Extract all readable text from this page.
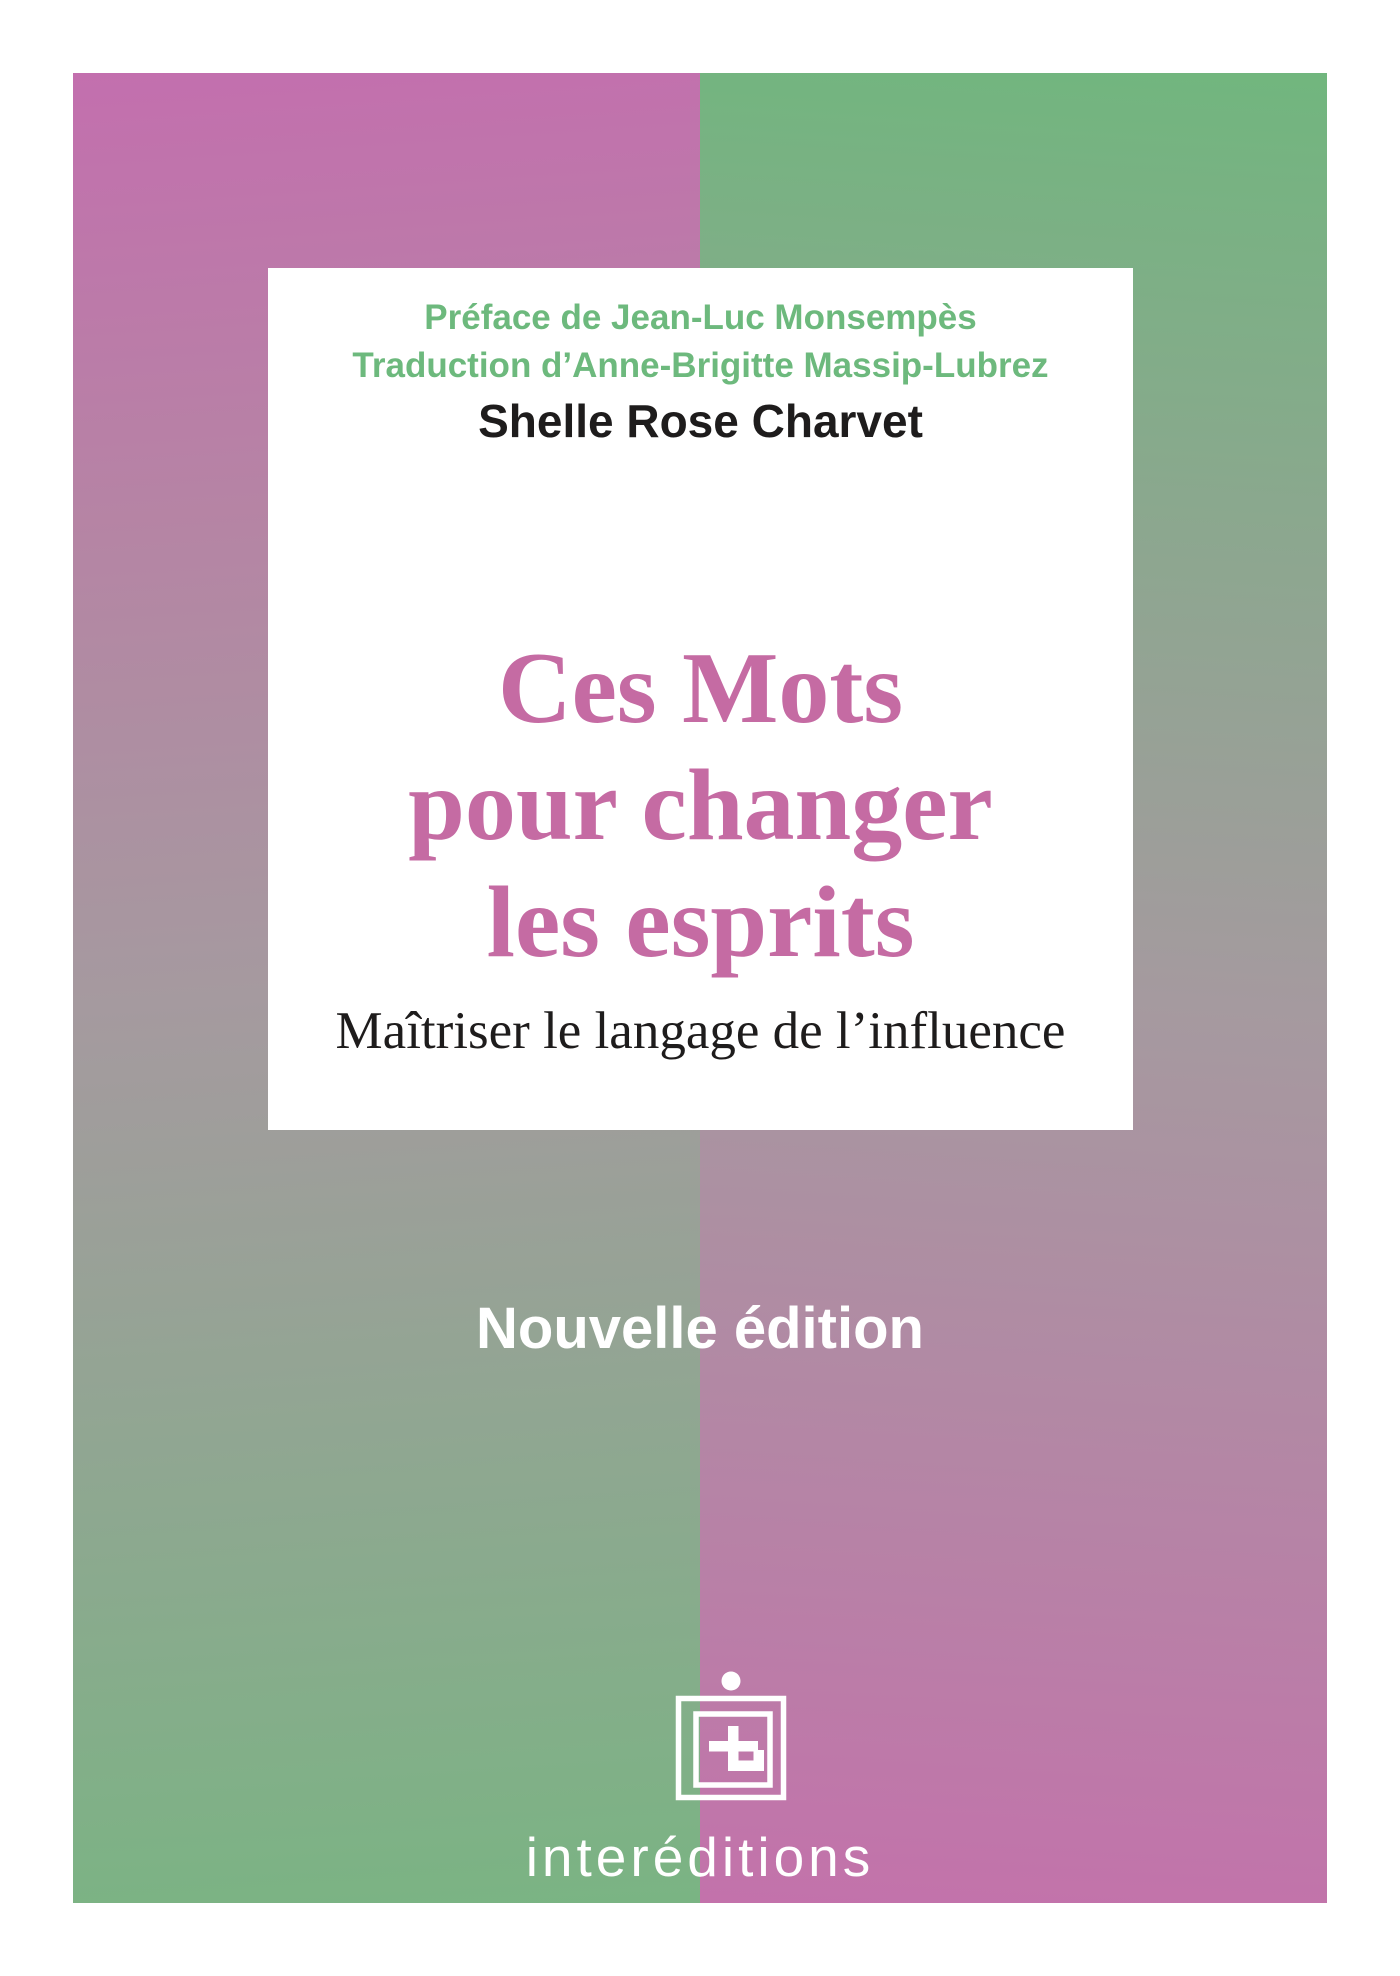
Préface de Jean-Luc Monsempès
Traduction d’Anne-Brigitte Massip-Lubrez
Shelle Rose Charvet
Ces Mots
pour changer
les esprits
Maîtriser le langage de l’influence
Nouvelle édition
interéditions
